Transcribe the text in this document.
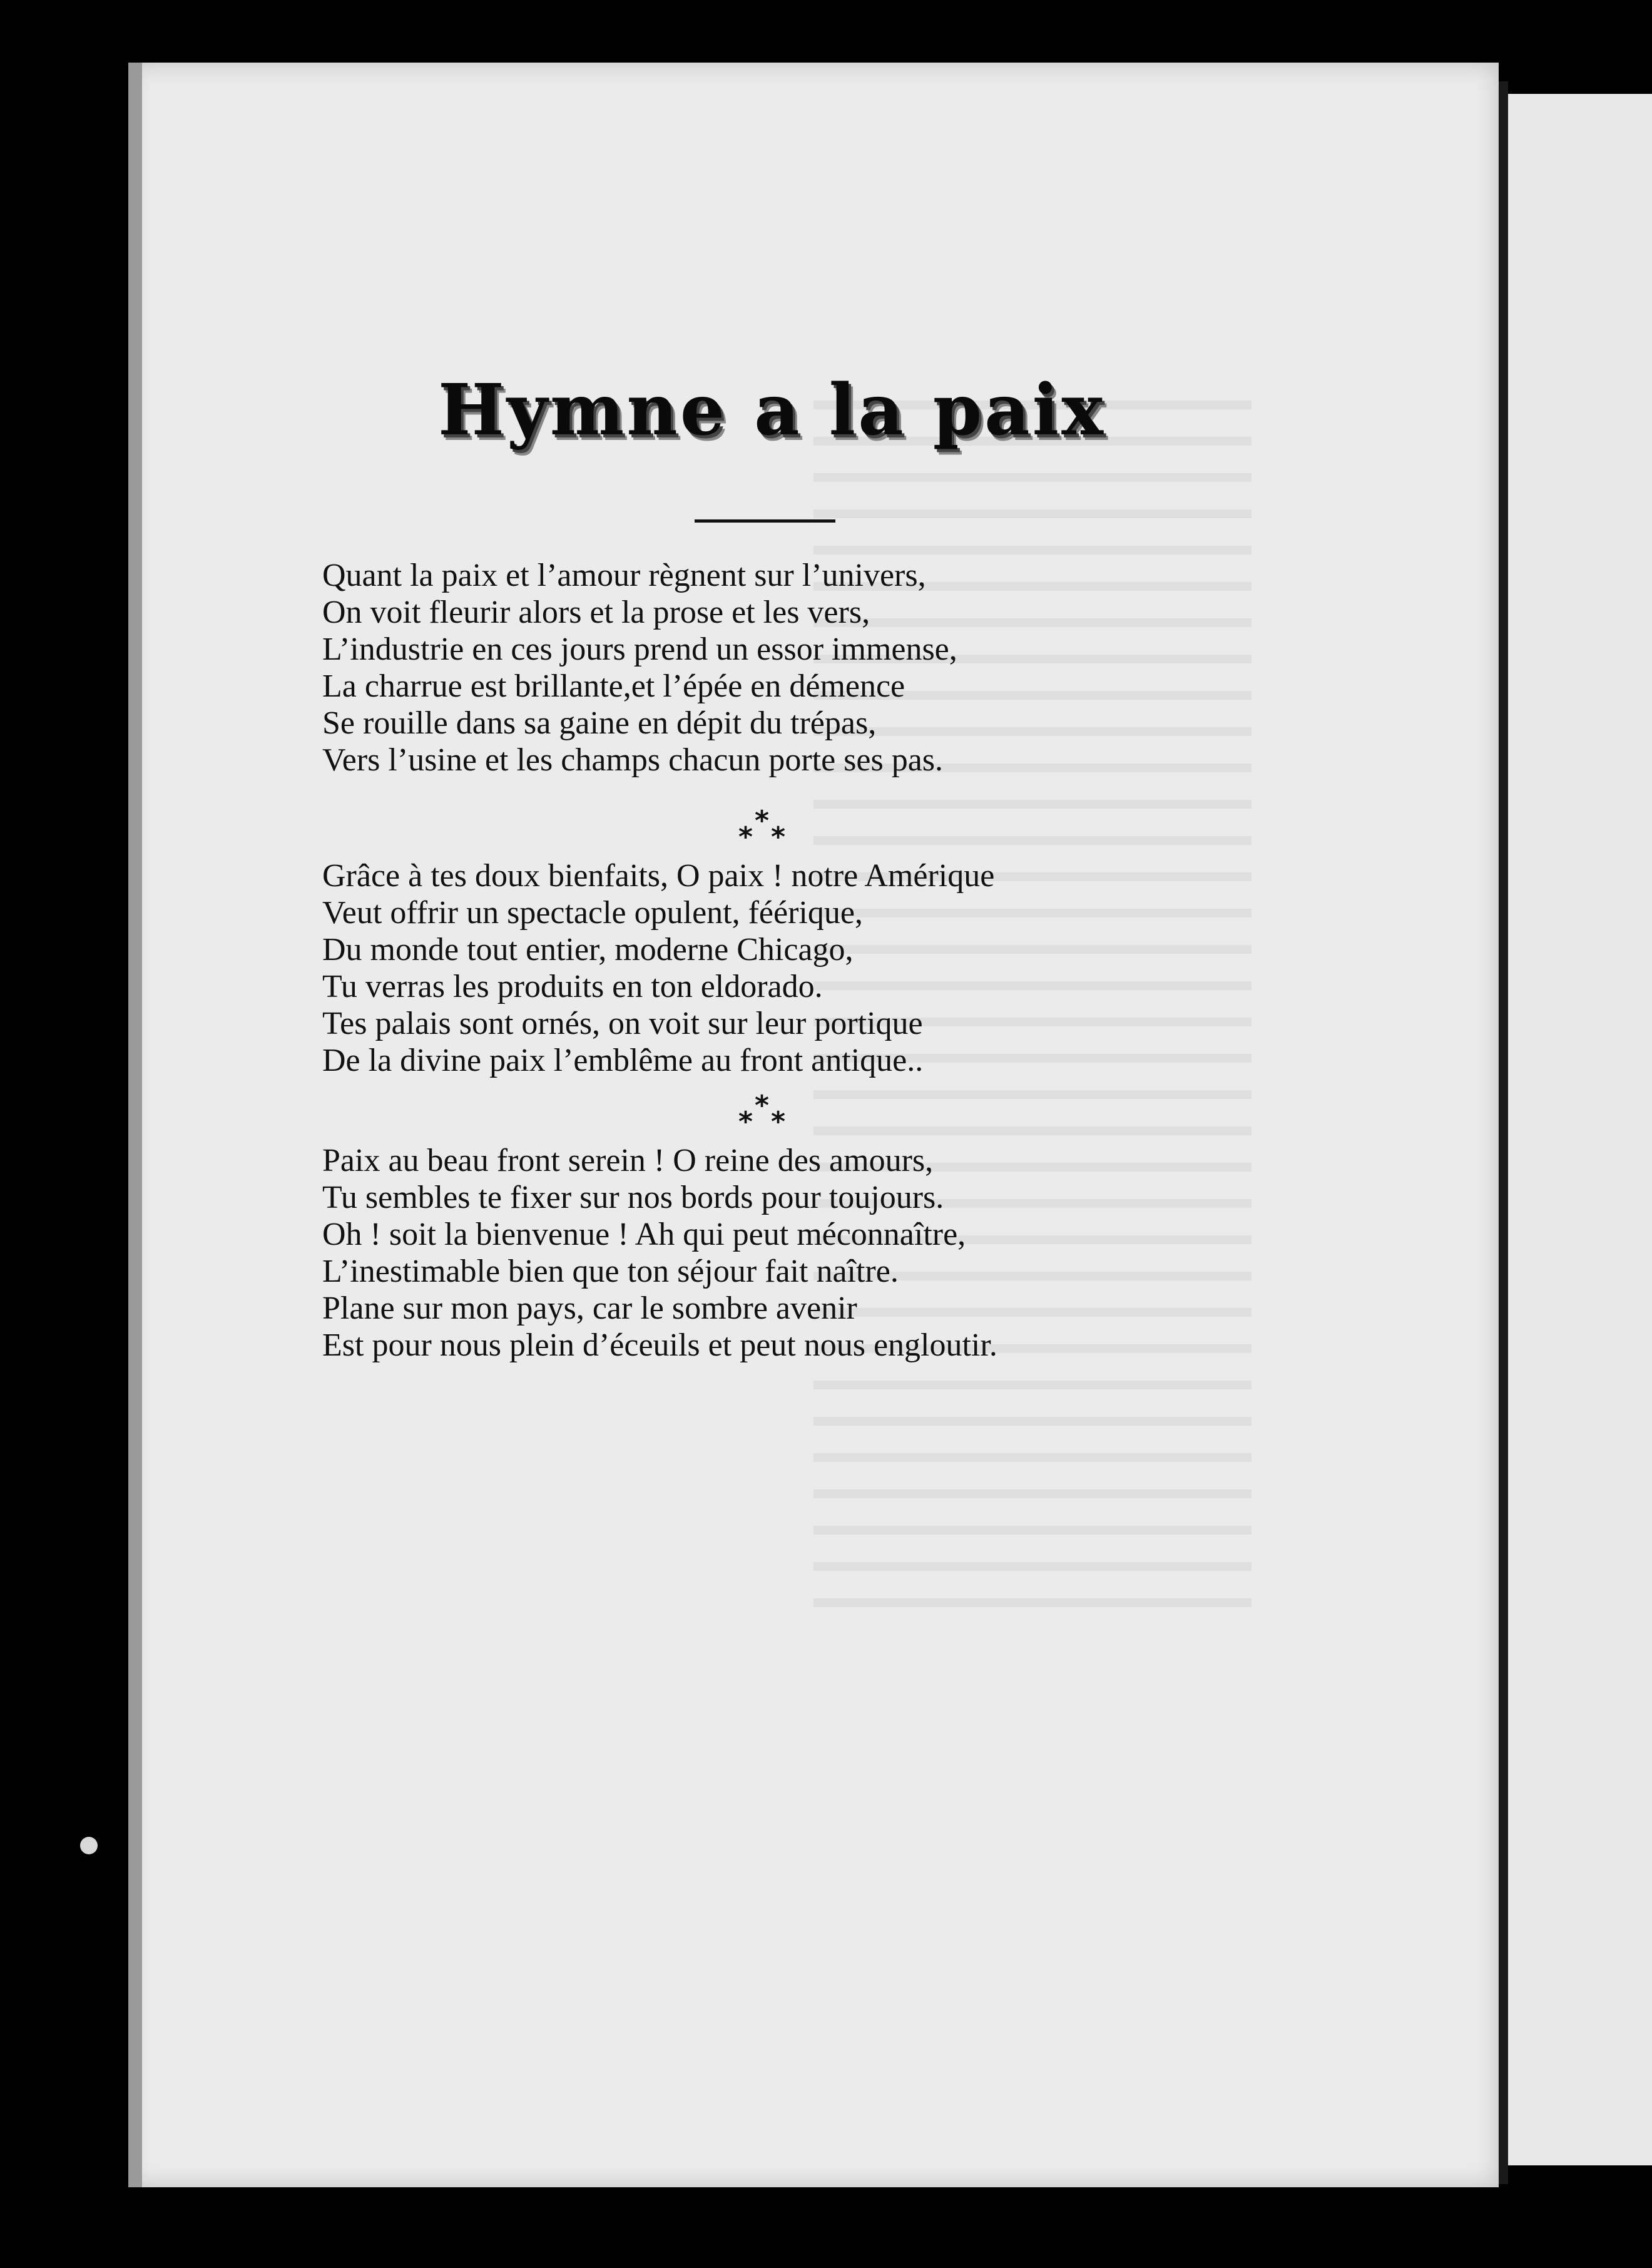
Hymne a la paix
Quant la paix et l’amour règnent sur l’univers,
On voit fleurir alors et la prose et les vers,
L’industrie en ces jours prend un essor immense,
La charrue est brillante,et l’épée en démence
Se rouille dans sa gaine en dépit du trépas,
Vers l’usine et les champs chacun porte ses pas.
*
* *
Grâce à tes doux bienfaits, O paix ! notre Amérique
Veut offrir un spectacle opulent, féérique,
Du monde tout entier, moderne Chicago,
Tu verras les produits en ton eldorado.
Tes palais sont ornés, on voit sur leur portique
De la divine paix l’emblême au front antique..
*
* *
Paix au beau front serein ! O reine des amours,
Tu sembles te fixer sur nos bords pour toujours.
Oh ! soit la bienvenue ! Ah qui peut méconnaître,
L’inestimable bien que ton séjour fait naître.
Plane sur mon pays, car le sombre avenir
Est pour nous plein d’éceuils et peut nous engloutir.
